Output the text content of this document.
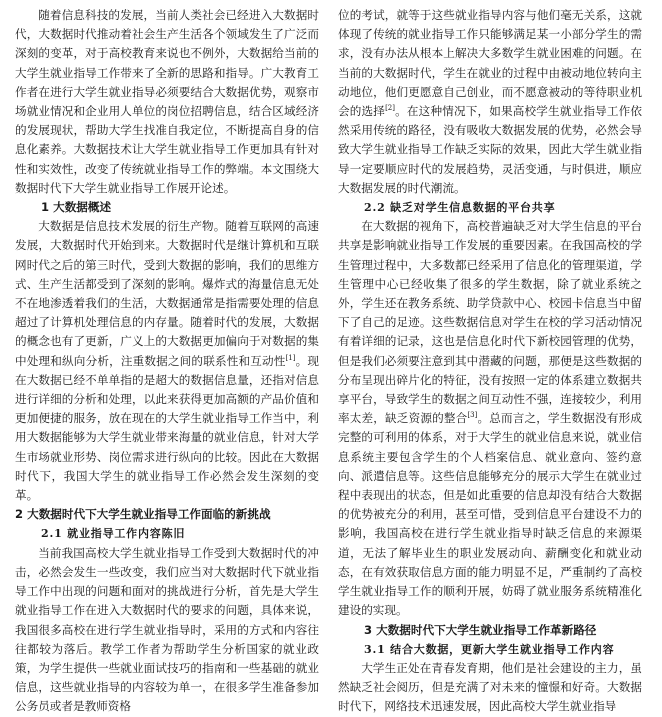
随着信息科技的发展，当前人类社会已经进入大数据时代，大数据时代推动着社会生产生活各个领域发生了广泛而深刻的变革，对于高校教育来说也不例外，大数据给当前的大学生就业指导工作带来了全新的思路和指导。广大教育工作者在进行大学生就业指导必须要结合大数据优势，观察市场就业情况和企业用人单位的岗位招聘信息，结合区域经济的发展现状，帮助大学生找准自我定位，不断提高自身的信息化素养。大数据技术让大学生就业指导工作更加具有针对性和实效性，改变了传统就业指导工作的弊端。本文围绕大数据时代下大学生就业指导工作展开论述。

1 大数据概述

大数据是信息技术发展的衍生产物。随着互联网的高速发展，大数据时代开始到来。大数据时代是继计算机和互联网时代之后的第三时代，受到大数据的影响，我们的思维方式、生产生活都受到了深刻的影响。爆炸式的海量信息无处不在地渗透着我们的生活，大数据通常是指需要处理的信息超过了计算机处理信息的内存量。随着时代的发展，大数据的概念也有了更新，广义上的大数据更加偏向于对数据的集中处理和纵向分析，注重数据之间的联系性和互动性[1]。现在大数据已经不单单指的是超大的数据信息量，还指对信息进行详细的分析和处理，以此来获得更加高额的产品价值和更加便捷的服务，放在现在的大学生就业指导工作当中，利用大数据能够为大学生就业带来海量的就业信息，针对大学生市场就业形势、岗位需求进行纵向的比较。因此在大数据时代下，我国大学生的就业指导工作必然会发生深刻的变革。

2 大数据时代下大学生就业指导工作面临的新挑战

2.1 就业指导工作内容陈旧

当前我国高校大学生就业指导工作受到大数据时代的冲击，必然会发生一些改变，我们应当对大数据时代下就业指导工作中出现的问题和面对的挑战进行分析，首先是大学生就业指导工作在进入大数据时代的要求的问题，具体来说，我国很多高校在进行学生就业指导时，采用的方式和内容往往都较为落后。教学工作者为帮助学生分析国家的就业政策，为学生提供一些就业面试技巧的指南和一些基础的就业信息，这些就业指导的内容较为单一，在很多学生准备参加公务员或者是教师资格

位的考试，就等于这些就业指导内容与他们毫无关系，这就体现了传统的就业指导工作只能够满足某一小部分学生的需求，没有办法从根本上解决大多数学生就业困难的问题。在当前的大数据时代，学生在就业的过程中由被动地位转向主动地位，他们更愿意自己创业，而不愿意被动的等待职业机会的选择[2]。在这种情况下，如果高校学生就业指导工作依然采用传统的路径，没有吸收大数据发展的优势，必然会导致大学生就业指导工作缺乏实际的效果，因此大学生就业指导一定要顺应时代的发展趋势，灵活变通，与时俱进，顺应大数据发展的时代潮流。

2.2 缺乏对学生信息数据的平台共享

在大数据的视角下，高校普遍缺乏对大学生信息的平台共享是影响就业指导工作发展的重要因素。在我国高校的学生管理过程中，大多数都已经采用了信息化的管理渠道，学生管理中心已经收集了很多的学生数据，除了就业系统之外，学生还在教务系统、助学贷款中心、校园卡信息当中留下了自己的足迹。这些数据信息对学生在校的学习活动情况有着详细的记录，这也是信息化时代下新校园管理的优势，但是我们必须要注意到其中潜藏的问题，那便是这些数据的分布呈现出碎片化的特征，没有按照一定的体系建立数据共享平台，导致学生的数据之间互动性不强，连接较少，利用率太差，缺乏资源的整合[3]。总而言之，学生数据没有形成完整的可利用的体系，对于大学生的就业信息来说，就业信息系统主要包含学生的个人档案信息、就业意向、签约意向、派遣信息等。这些信息能够充分的展示大学生在就业过程中表现出的状态，但是如此重要的信息却没有结合大数据的优势被充分的利用，甚至可惜，受到信息平台建设不力的影响，我国高校在进行学生就业指导时缺乏信息的来源渠道，无法了解毕业生的职业发展动向、薪酬变化和就业动态，在有效获取信息方面的能力明显不足，严重制约了高校学生就业指导工作的顺利开展，妨碍了就业服务系统精准化建设的实现。

3 大数据时代下大学生就业指导工作革新路径

3.1 结合大数据，更新大学生就业指导工作内容

大学生正处在青春发育期，他们是社会建设的主力，虽然缺乏社会阅历，但是充满了对未来的憧憬和好奇。大数据时代下，网络技术迅速发展，因此高校大学生就业指导
